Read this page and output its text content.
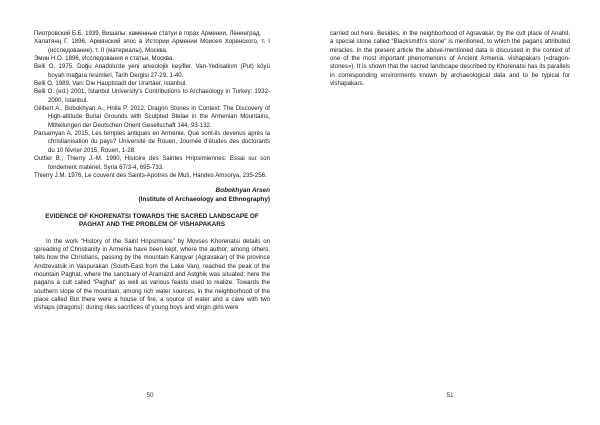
Пиотровский Б.Б. 1939, Вишапы: каменные статуи в горах Армении, Ленинград.
Халатянц Г. 1896, Армянский эпос в Истории Армении Моисея Хоренского, т. I (исследование), т. II (материалы), Москва.
Эмин Н.О. 1896, Исследования и статьи, Москва.
Belli O. 1975, Doğu Anadolu'de yeni arkeolojik keşifler. Van-Yedisalkım (Put) köyü boyah mağara resimleri, Tarih Dergisi 27-29, 1-40.
Belli O. 1989, Van: Die Hauptstadt der Urartäer, Istanbul.
Belli O. (ed.) 2001, Istanbul University's Contributions to Archaeology in Turkey: 1932-2000, Istanbul.
Gilibert A., Bobokhyan A., Hnila P. 2012, Dragon Stones in Context: The Discovery of High-altitude Burial Grounds with Sculpted Stelae in the Armenian Mountains, Mitteilungen der Deutschen Orient Gesellschaft 144, 93-132.
Parsamyan A. 2015, Les temples antiques en Arménie. Que sont-ils devenus après la christianisation du pays? Université de Rouen, Journée d'études des doctorants du 10 février 2015, Rouen, 1-28.
Outtier B., Thierry J.-M. 1990, Histoire des Saintes Hripsimiennes: Essai sur son fondement matériel, Syria 67/3-4, 695-733.
Thierry J.M. 1976, Le couvent des Saints-Apotres de Muš, Handes Amsorya, 235-256.
Bobokhyan Arsen
(Institute of Archaeology and Ethnography)
EVIDENCE OF KHORENATSI TOWARDS THE SACRED LANDSCAPE OF PAGHAT AND THE PROBLEM OF VISHAPAKARS

In the work “History of the Saint Hripsimians” by Movses Khorenatsi details on spreading of Christianity in Armenia have been kept, where the author, among others, tells how the Christians, passing by the mountain Kangvar (Agravakar) of the province Andzevatsik in Vaspurakan (South-East from the Lake Van), reached the peak of the mountain Paghat, where the sanctuary of Aramazd and Astghik was situated: here the pagans a cult called “Paghat” as well as various feasts used to realize. Towards the southern slope of the mountain, among rich water sources, in the neighborhood of the place called But there were a house of fire, a source of water and a cave with two vishaps (dragons): during rites sacrifices of young boys and virgin girls were

50

carried out here. Besides, in the neighborhood of Agravakar, by the cult place of Anahit, a special stone called “Blacksmith's stone” is mentioned, to which the pagans attributed miracles. In the present article the above-mentioned data is discussed in the context of one of the most important phenomenons of Ancient Armenia, vishapakars («dragon-stones»). It is shown that the sacred landscape described by Khorenatsi has its parallels in corresponding envirorments known by archaeological data and to be typical for vishapakars.

51
